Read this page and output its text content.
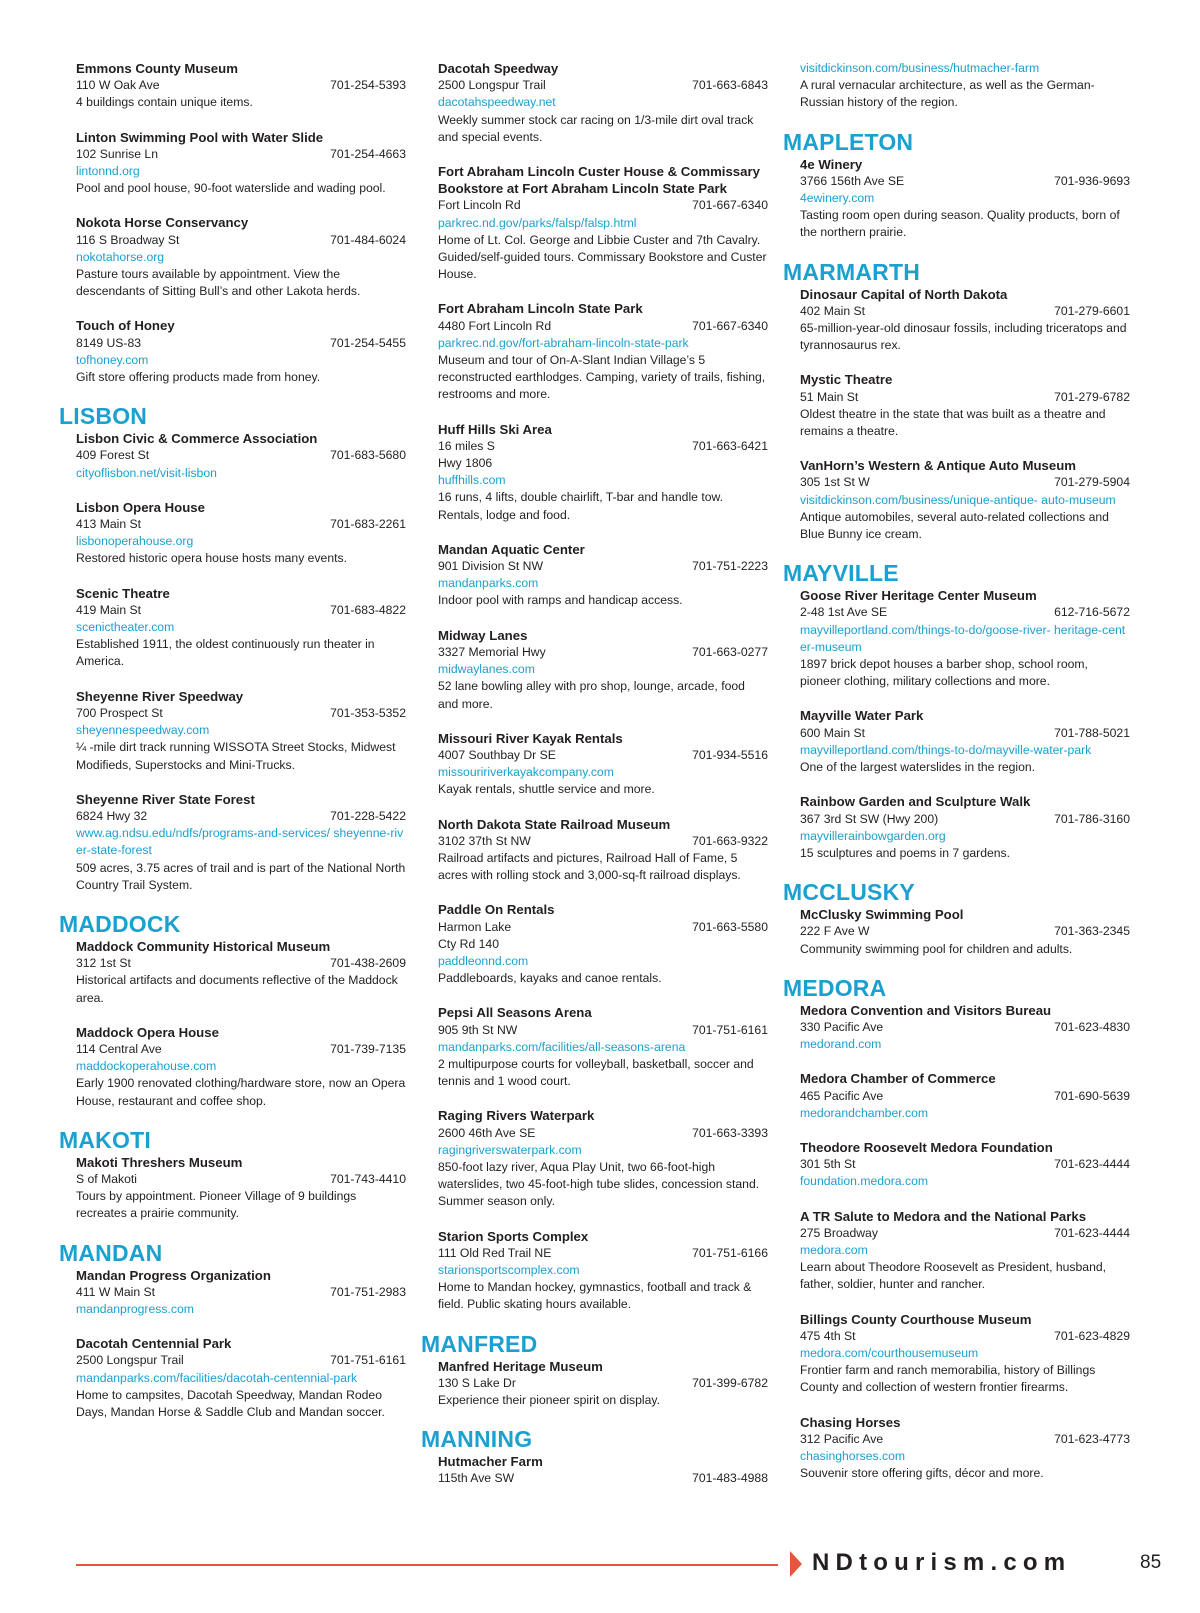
Emmons County Museum
110 W Oak Ave	701-254-5393
4 buildings contain unique items.
Linton Swimming Pool with Water Slide
102 Sunrise Ln	701-254-4663
lintonnd.org
Pool and pool house, 90-foot waterslide and wading pool.
Nokota Horse Conservancy
116 S Broadway St	701-484-6024
nokotahorse.org
Pasture tours available by appointment. View the descendants of Sitting Bull’s and other Lakota herds.
Touch of Honey
8149 US-83	701-254-5455
tofhoney.com
Gift store offering products made from honey.
LISBON
Lisbon Civic & Commerce Association
409 Forest St	701-683-5680
cityoflisbon.net/visit-lisbon
Lisbon Opera House
413 Main St	701-683-2261
lisbonoperahouse.org
Restored historic opera house hosts many events.
Scenic Theatre
419 Main St	701-683-4822
scenictheater.com
Established 1911, the oldest continuously run theater in America.
Sheyenne River Speedway
700 Prospect St	701-353-5352
sheyennespeedway.com
¼ -mile dirt track running WISSOTA Street Stocks, Midwest Modifieds, Superstocks and Mini-Trucks.
Sheyenne River State Forest
6824 Hwy 32	701-228-5422
www.ag.ndsu.edu/ndfs/programs-and-services/ sheyenne-river-state-forest
509 acres, 3.75 acres of trail and is part of the National North Country Trail System.
MADDOCK
Maddock Community Historical Museum
312 1st St	701-438-2609
Historical artifacts and documents reflective of the Maddock area.
Maddock Opera House
114 Central Ave	701-739-7135
maddockoperahouse.com
Early 1900 renovated clothing/hardware store, now an Opera House, restaurant and coffee shop.
MAKOTI
Makoti Threshers Museum
S of Makoti	701-743-4410
Tours by appointment. Pioneer Village of 9 buildings recreates a prairie community.
MANDAN
Mandan Progress Organization
411 W Main St	701-751-2983
mandanprogress.com
Dacotah Centennial Park
2500 Longspur Trail	701-751-6161
mandanparks.com/facilities/dacotah-centennial-park
Home to campsites, Dacotah Speedway, Mandan Rodeo Days, Mandan Horse & Saddle Club and Mandan soccer.
Dacotah Speedway
2500 Longspur Trail	701-663-6843
dacotahspeedway.net
Weekly summer stock car racing on 1/3-mile dirt oval track and special events.
Fort Abraham Lincoln Custer House & Commissary Bookstore at Fort Abraham Lincoln State Park
Fort Lincoln Rd	701-667-6340
parkrec.nd.gov/parks/falsp/falsp.html
Home of Lt. Col. George and Libbie Custer and 7th Cavalry. Guided/self-guided tours. Commissary Bookstore and Custer House.
Fort Abraham Lincoln State Park
4480 Fort Lincoln Rd	701-667-6340
parkrec.nd.gov/fort-abraham-lincoln-state-park
Museum and tour of On-A-Slant Indian Village’s 5 reconstructed earthlodges. Camping, variety of trails, fishing, restrooms and more.
Huff Hills Ski Area
16 miles S	701-663-6421
Hwy 1806
huffhills.com
16 runs, 4 lifts, double chairlift, T-bar and handle tow. Rentals, lodge and food.
Mandan Aquatic Center
901 Division St NW	701-751-2223
mandanparks.com
Indoor pool with ramps and handicap access.
Midway Lanes
3327 Memorial Hwy	701-663-0277
midwaylanes.com
52 lane bowling alley with pro shop, lounge, arcade, food and more.
Missouri River Kayak Rentals
4007 Southbay Dr SE	701-934-5516
missouririverkayakcompany.com
Kayak rentals, shuttle service and more.
North Dakota State Railroad Museum
3102 37th St NW	701-663-9322
Railroad artifacts and pictures, Railroad Hall of Fame, 5 acres with rolling stock and 3,000-sq-ft railroad displays.
Paddle On Rentals
Harmon Lake	701-663-5580
Cty Rd 140
paddleonnd.com
Paddleboards, kayaks and canoe rentals.
Pepsi All Seasons Arena
905 9th St NW	701-751-6161
mandanparks.com/facilities/all-seasons-arena
2 multipurpose courts for volleyball, basketball, soccer and tennis and 1 wood court.
Raging Rivers Waterpark
2600 46th Ave SE	701-663-3393
ragingriverswaterpark.com
850-foot lazy river, Aqua Play Unit, two 66-foot-high waterslides, two 45-foot-high tube slides, concession stand. Summer season only.
Starion Sports Complex
111 Old Red Trail NE	701-751-6166
starionsportscomplex.com
Home to Mandan hockey, gymnastics, football and track & field. Public skating hours available.
MANFRED
Manfred Heritage Museum
130 S Lake Dr	701-399-6782
Experience their pioneer spirit on display.
MANNING
Hutmacher Farm
115th Ave SW	701-483-4988
visitdickinson.com/business/hutmacher-farm
A rural vernacular architecture, as well as the German-Russian history of the region.
MAPLETON
4e Winery
3766 156th Ave SE	701-936-9693
4ewinery.com
Tasting room open during season. Quality products, born of the northern prairie.
MARMARTH
Dinosaur Capital of North Dakota
402 Main St	701-279-6601
65-million-year-old dinosaur fossils, including triceratops and tyrannosaurus rex.
Mystic Theatre
51 Main St	701-279-6782
Oldest theatre in the state that was built as a theatre and remains a theatre.
VanHorn’s Western & Antique Auto Museum
305 1st St W	701-279-5904
visitdickinson.com/business/unique-antique- auto-museum
Antique automobiles, several auto-related collections and Blue Bunny ice cream.
MAYVILLE
Goose River Heritage Center Museum
2-48 1st Ave SE	612-716-5672
mayvilleportland.com/things-to-do/goose-river- heritage-center-museum
1897 brick depot houses a barber shop, school room, pioneer clothing, military collections and more.
Mayville Water Park
600 Main St	701-788-5021
mayvilleportland.com/things-to-do/mayville-water-park
One of the largest waterslides in the region.
Rainbow Garden and Sculpture Walk
367 3rd St SW (Hwy 200)	701-786-3160
mayvillerainbowgarden.org
15 sculptures and poems in 7 gardens.
MCCLUSKY
McClusky Swimming Pool
222 F Ave W	701-363-2345
Community swimming pool for children and adults.
MEDORA
Medora Convention and Visitors Bureau
330 Pacific Ave	701-623-4830
medorand.com
Medora Chamber of Commerce
465 Pacific Ave	701-690-5639
medorandchamber.com
Theodore Roosevelt Medora Foundation
301 5th St	701-623-4444
foundation.medora.com
A TR Salute to Medora and the National Parks
275 Broadway	701-623-4444
medora.com
Learn about Theodore Roosevelt as President, husband, father, soldier, hunter and rancher.
Billings County Courthouse Museum
475 4th St	701-623-4829
medora.com/courthousemuseum
Frontier farm and ranch memorabilia, history of Billings County and collection of western frontier firearms.
Chasing Horses
312 Pacific Ave	701-623-4773
chasinghorses.com
Souvenir store offering gifts, décor and more.
NDtourism.com	85
